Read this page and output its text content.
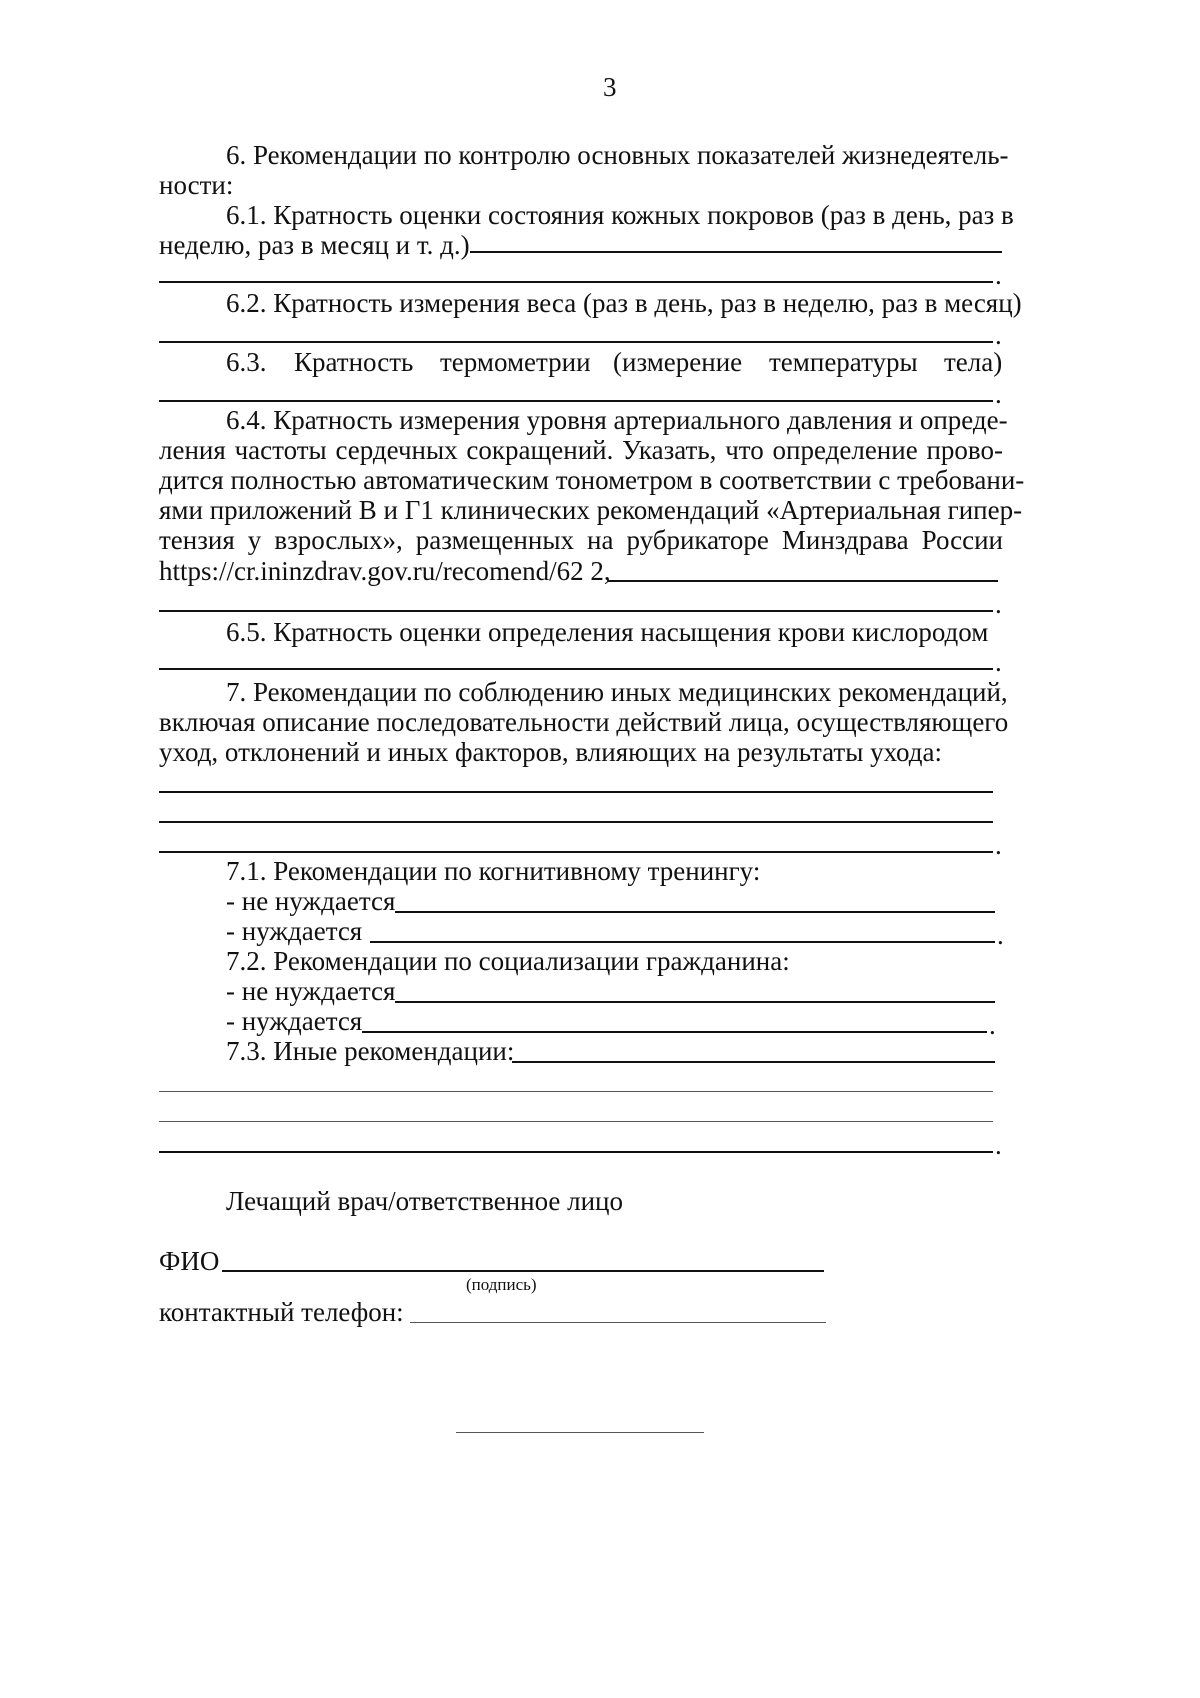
3
6. Рекомендации по контролю основных показателей жизнедеятель-
ности:
6.1. Кратность оценки состояния кожных покровов (раз в день, раз в
неделю, раз в месяц и т. д.)
.
6.2. Кратность измерения веса (раз в день, раз в неделю, раз в месяц)
.
6.3. Кратность термометрии (измерение температуры тела)
.
6.4. Кратность измерения уровня артериального давления и опреде-
ления частоты сердечных сокращений. Указать, что определение прово-
дится полностью автоматическим тонометром в соответствии с требовани-
ями приложений В и Г1 клинических рекомендаций «Артериальная гипер-
тензия у взрослых», размещенных на рубрикаторе Минздрава России
https://cr.ininzdrav.gov.ru/recomend/62 2,
.
6.5. Кратность оценки определения насыщения крови кислородом
.
7. Рекомендации по соблюдению иных медицинских рекомендаций,
включая описание последовательности действий лица, осуществляющего
уход, отклонений и иных факторов, влияющих на результаты ухода:
.
7.1. Рекомендации по когнитивному тренингу:
- не нуждается
- нуждается	.
7.2. Рекомендации по социализации гражданина:
- не нуждается
- нуждается	.
7.3. Иные рекомендации:
.
Лечащий врач/ответственное лицо
ФИО
(подпись)
контактный телефон:
